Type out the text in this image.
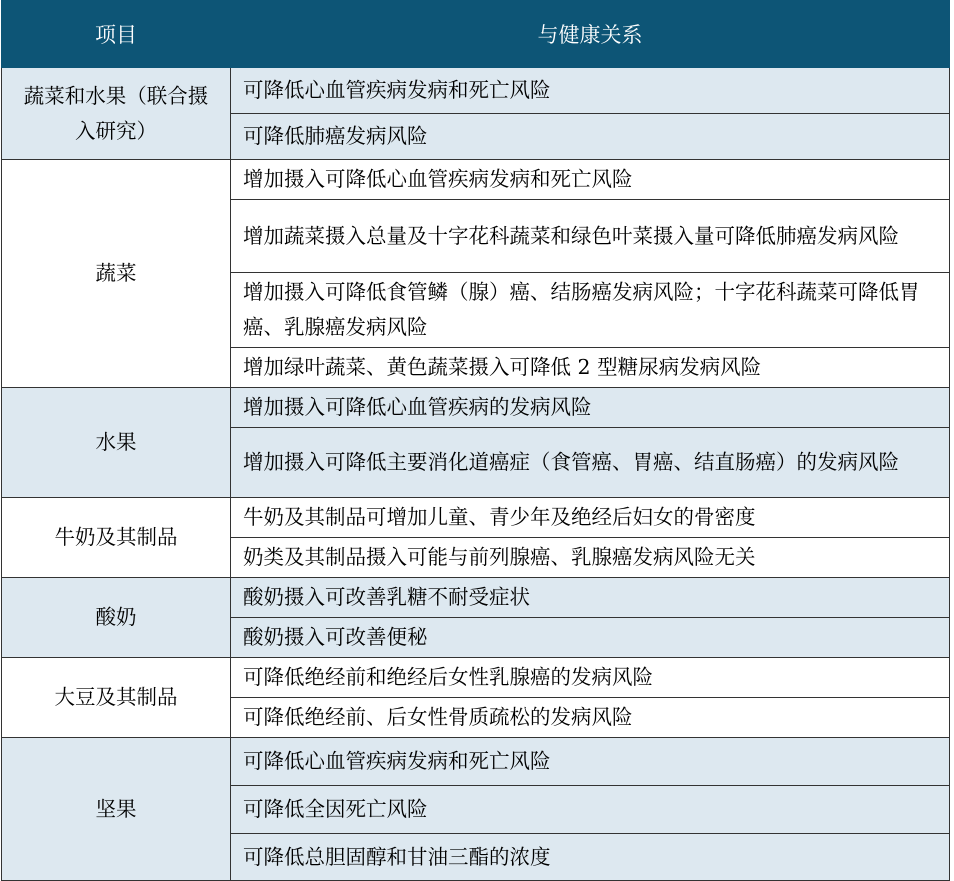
项目	与健康关系
蔬菜和水果（联合摄入研究）	可降低心血管疾病发病和死亡风险
	可降低肺癌发病风险
蔬菜	增加摄入可降低心血管疾病发病和死亡风险
	增加蔬菜摄入总量及十字花科蔬菜和绿色叶菜摄入量可降低肺癌发病风险
	增加摄入可降低食管鳞（腺）癌、结肠癌发病风险；十字花科蔬菜可降低胃癌、乳腺癌发病风险
	增加绿叶蔬菜、黄色蔬菜摄入可降低 2 型糖尿病发病风险
水果	增加摄入可降低心血管疾病的发病风险
	增加摄入可降低主要消化道癌症（食管癌、胃癌、结直肠癌）的发病风险
牛奶及其制品	牛奶及其制品可增加儿童、青少年及绝经后妇女的骨密度
	奶类及其制品摄入可能与前列腺癌、乳腺癌发病风险无关
酸奶	酸奶摄入可改善乳糖不耐受症状
	酸奶摄入可改善便秘
大豆及其制品	可降低绝经前和绝经后女性乳腺癌的发病风险
	可降低绝经前、后女性骨质疏松的发病风险
坚果	可降低心血管疾病发病和死亡风险
	可降低全因死亡风险
	可降低总胆固醇和甘油三酯的浓度
